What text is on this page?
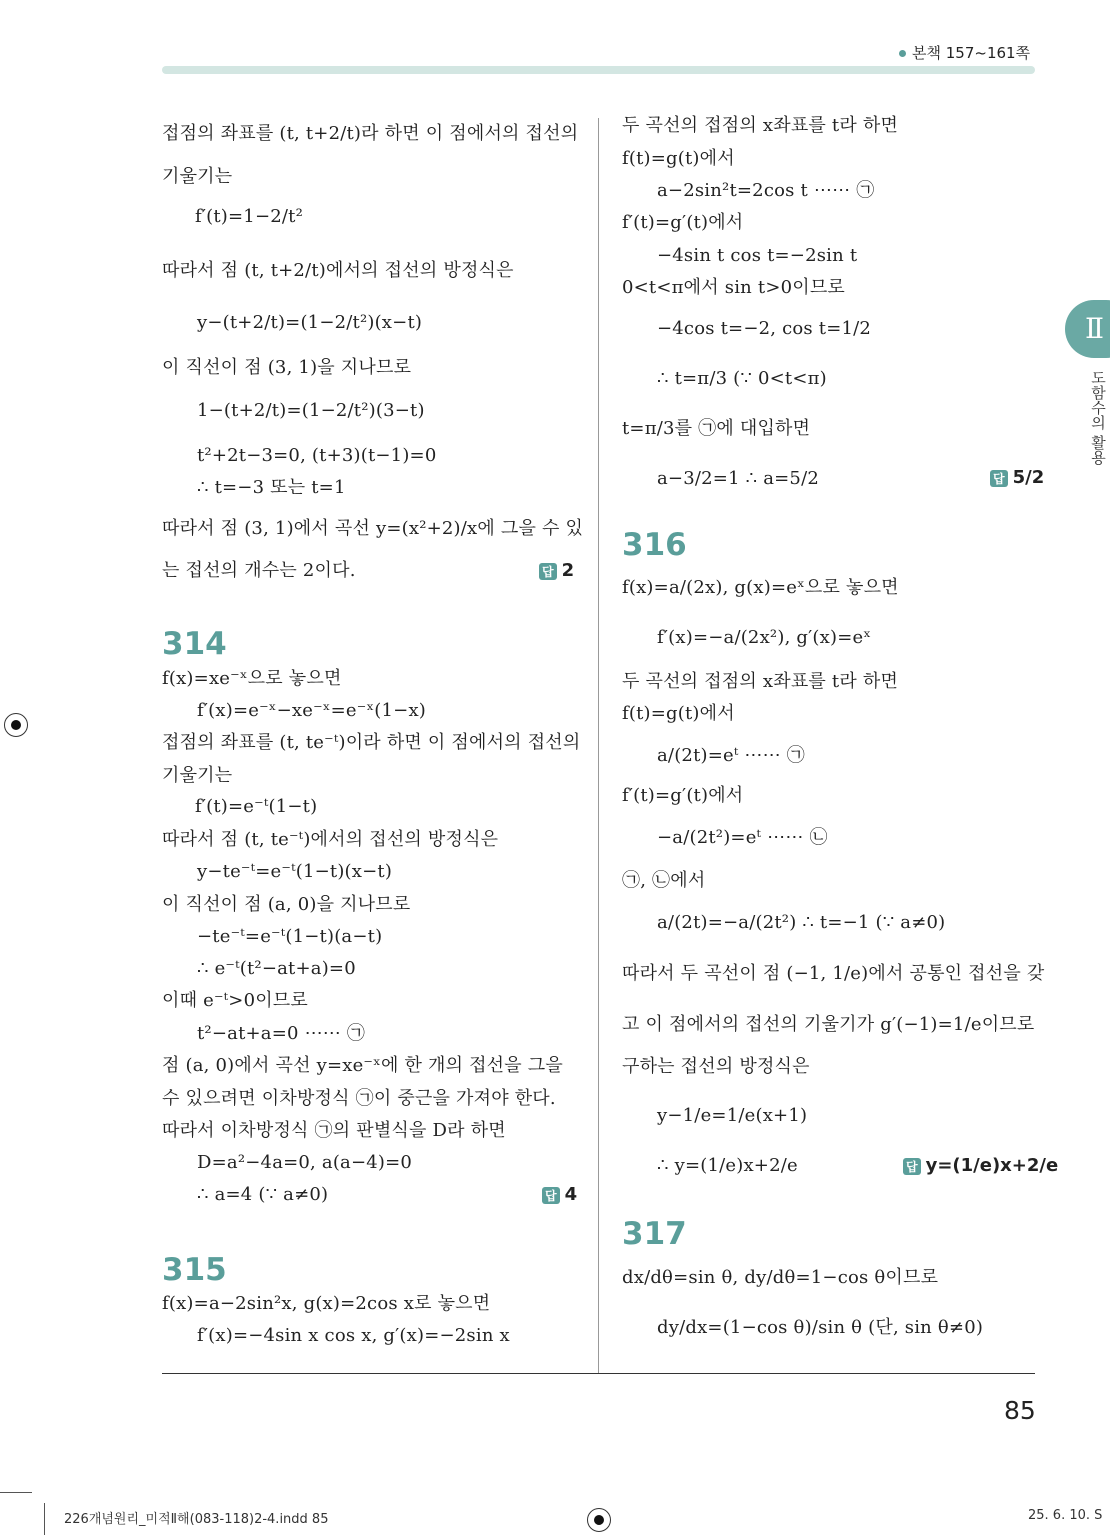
본책 157~161쪽
Ⅱ
도함수의 활용
접점의 좌표를 (t, t+2/t)라 하면 이 점에서의 접선의
기울기는
f′(t)=1−2/t²
따라서 점 (t, t+2/t)에서의 접선의 방정식은
y−(t+2/t)=(1−2/t²)(x−t)
이 직선이 점 (3, 1)을 지나므로
1−(t+2/t)=(1−2/t²)(3−t)
t²+2t−3=0, (t+3)(t−1)=0
∴ t=−3 또는 t=1
따라서 점 (3, 1)에서 곡선 y=(x²+2)/x에 그을 수 있
는 접선의 개수는 2이다.
f(x)=xe⁻ˣ으로 놓으면
f′(x)=e⁻ˣ−xe⁻ˣ=e⁻ˣ(1−x)
접점의 좌표를 (t, te⁻ᵗ)이라 하면 이 점에서의 접선의
기울기는
f′(t)=e⁻ᵗ(1−t)
따라서 점 (t, te⁻ᵗ)에서의 접선의 방정식은
y−te⁻ᵗ=e⁻ᵗ(1−t)(x−t)
이 직선이 점 (a, 0)을 지나므로
−te⁻ᵗ=e⁻ᵗ(1−t)(a−t)
∴ e⁻ᵗ(t²−at+a)=0
이때 e⁻ᵗ>0이므로
t²−at+a=0 ⋯⋯ ㉠
점 (a, 0)에서 곡선 y=xe⁻ˣ에 한 개의 접선을 그을
수 있으려면 이차방정식 ㉠이 중근을 가져야 한다.
따라서 이차방정식 ㉠의 판별식을 D라 하면
D=a²−4a=0, a(a−4)=0
∴ a=4 (∵ a≠0)
f(x)=a−2sin²x, g(x)=2cos x로 놓으면
f′(x)=−4sin x cos x, g′(x)=−2sin x
두 곡선의 접점의 x좌표를 t라 하면
f(t)=g(t)에서
a−2sin²t=2cos t ⋯⋯ ㉠
f′(t)=g′(t)에서
−4sin t cos t=−2sin t
0<t<π에서 sin t>0이므로
−4cos t=−2, cos t=1/2
∴ t=π/3 (∵ 0<t<π)
t=π/3를 ㉠에 대입하면
a−3/2=1 ∴ a=5/2
f(x)=a/(2x), g(x)=eˣ으로 놓으면
f′(x)=−a/(2x²), g′(x)=eˣ
두 곡선의 접점의 x좌표를 t라 하면
f(t)=g(t)에서
a/(2t)=eᵗ ⋯⋯ ㉠
f′(t)=g′(t)에서
−a/(2t²)=eᵗ ⋯⋯ ㉡
㉠, ㉡에서
a/(2t)=−a/(2t²) ∴ t=−1 (∵ a≠0)
따라서 두 곡선이 점 (−1, 1/e)에서 공통인 접선을 갖
고 이 점에서의 접선의 기울기가 g′(−1)=1/e이므로
구하는 접선의 방정식은
y−1/e=1/e(x+1)
∴ y=(1/e)x+2/e
dx/dθ=sin θ, dy/dθ=1−cos θ이므로
dy/dx=(1−cos θ)/sin θ (단, sin θ≠0)
314
315
316
317
답 2
답 4
답 5/2
답 y=(1/e)x+2/e
85
226개념원리_미적Ⅱ해(083-118)2-4.indd 85	25. 6. 10. S
